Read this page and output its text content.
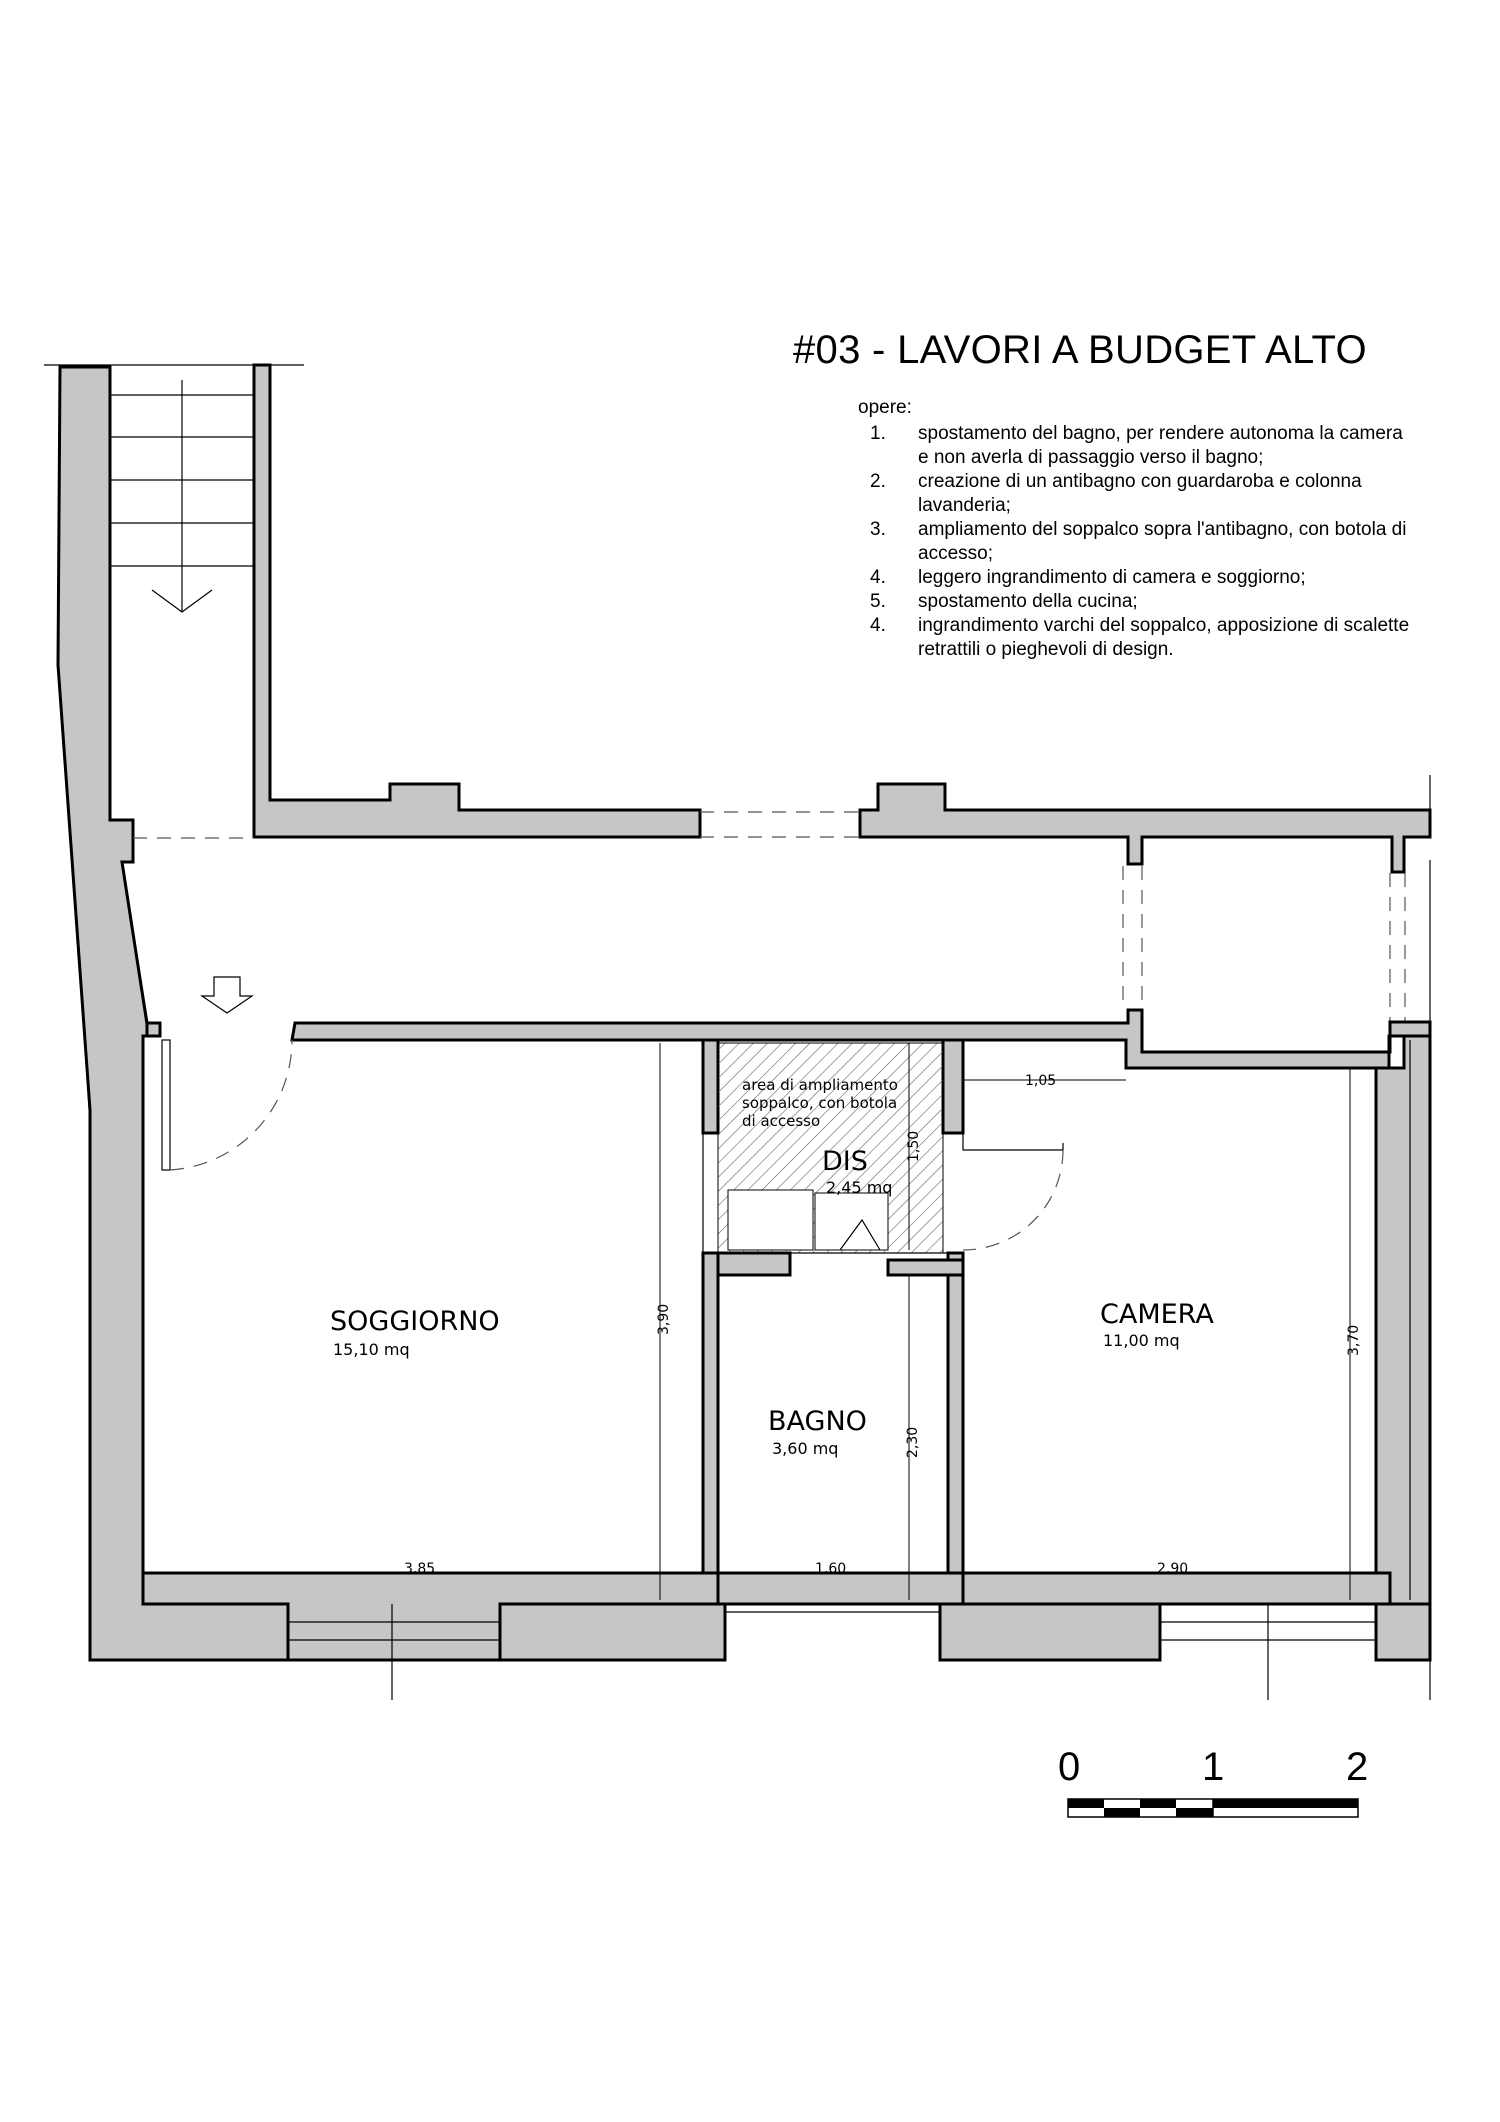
SOGGIORNO
15,10 mq
DIS
2,45 mq
CAMERA
11,00 mq
BAGNO
3,60 mq
area di ampliamento
soppalco, con botola
di accesso
3,85
3,90
1,60
2,30
1,50
2,90
3,70
1,05
#03 - LAVORI A BUDGET ALTO
opere:
1. spostamento del bagno, per rendere autonoma la camera e non averla di passaggio verso il bagno;
2. creazione di un antibagno con guardaroba e colonna lavanderia;
3. ampliamento del soppalco sopra l'antibagno, con botola di accesso;
4. leggero ingrandimento di camera e soggiorno;
5. spostamento della cucina;
4. ingrandimento varchi del soppalco, apposizione di scalette retrattili o pieghevoli di design.
0	1	2
